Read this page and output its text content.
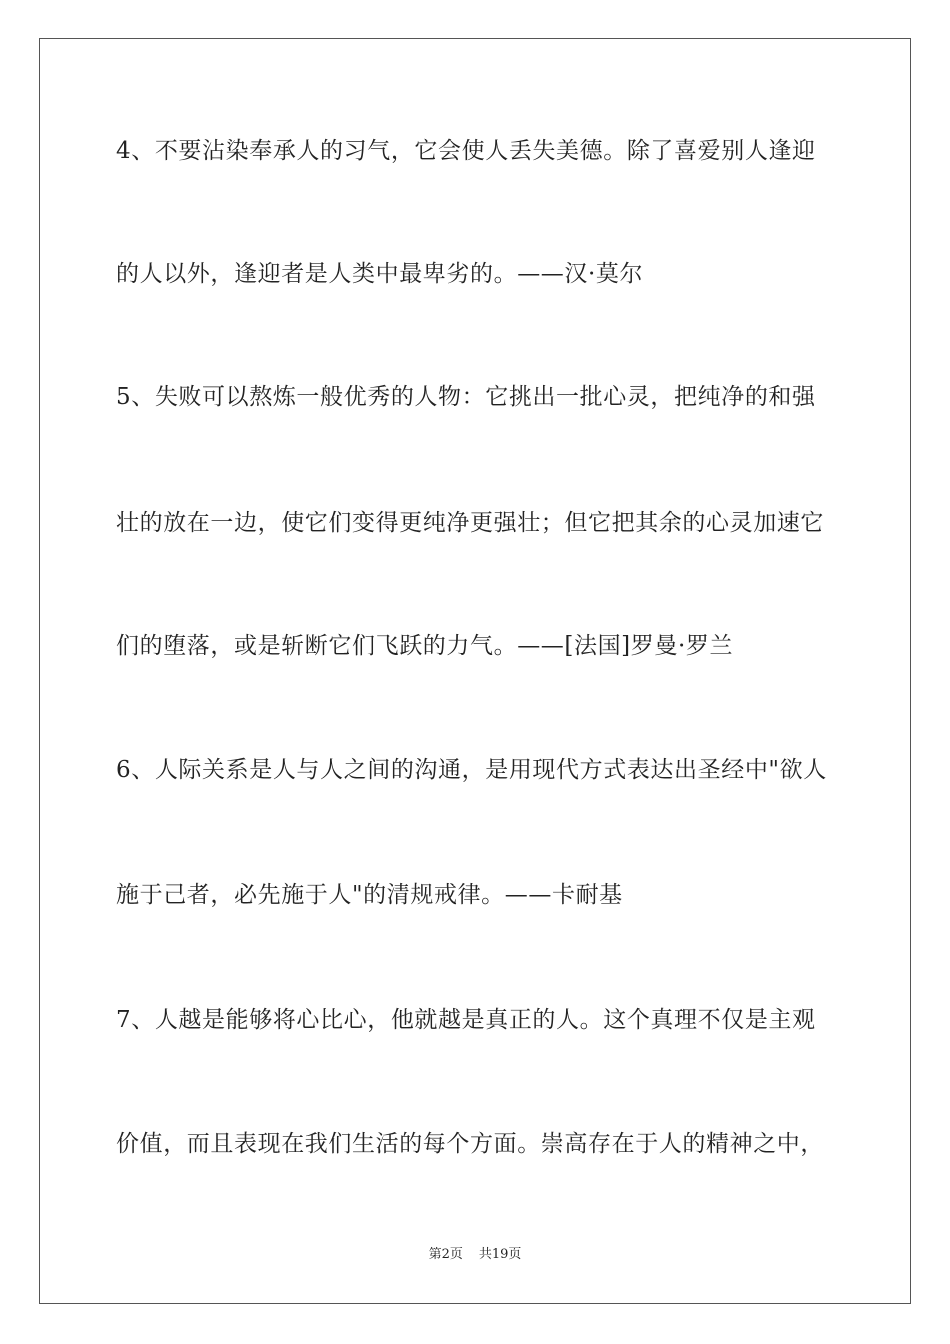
4、不要沾染奉承人的习气，它会使人丢失美德。除了喜爱别人逢迎
的人以外，逢迎者是人类中最卑劣的。——汉·莫尔
5、失败可以熬炼一般优秀的人物：它挑出一批心灵，把纯净的和强
壮的放在一边，使它们变得更纯净更强壮；但它把其余的心灵加速它
们的堕落，或是斩断它们飞跃的力气。——[法国]罗曼·罗兰
6、人际关系是人与人之间的沟通，是用现代方式表达出圣经中"欲人
施于己者，必先施于人"的清规戒律。——卡耐基
7、人越是能够将心比心，他就越是真正的人。这个真理不仅是主观
价值，而且表现在我们生活的每个方面。崇高存在于人的精神之中，
第2页 共19页
